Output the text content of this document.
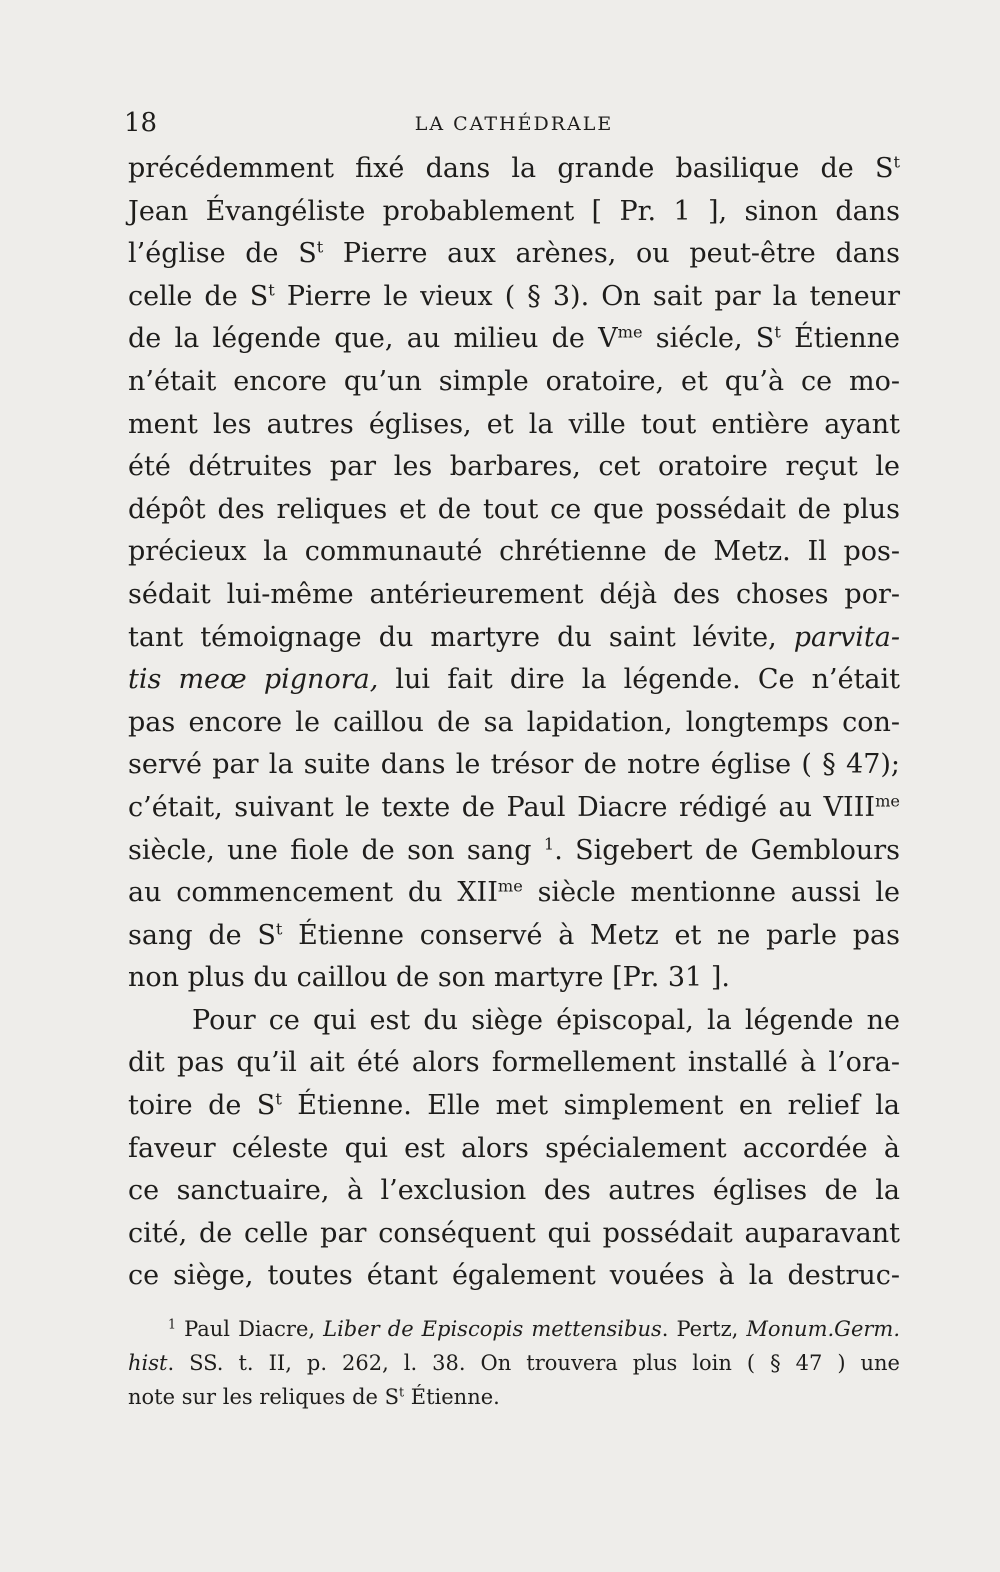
18	LA CATHÉDRALE
précédemment fixé dans la grande basilique de $S^t$
Jean Évangéliste probablement [ Pr. 1 ], sinon dans
l’église de $S^t$ Pierre aux arènes, ou peut-être dans
celle de $S^t$ Pierre le vieux ( § 3). On sait par la teneur
de la légende que, au milieu de $V^{me}$ siécle, $S^t$ Étienne
n’était encore qu’un simple oratoire, et qu’à ce mo-
ment les autres églises, et la ville tout entière ayant
été détruites par les barbares, cet oratoire reçut le
dépôt des reliques et de tout ce que possédait de plus
précieux la communauté chrétienne de Metz. Il pos-
sédait lui-même antérieurement déjà des choses por-
tant témoignage du martyre du saint lévite, parvita-
tis meœ pignora, lui fait dire la légende. Ce n’était
pas encore le caillou de sa lapidation, longtemps con-
servé par la suite dans le trésor de notre église ( § 47);
c’était, suivant le texte de Paul Diacre rédigé au $VIII^{me}$
siècle, une fiole de son sang $^1$. Sigebert de Gemblours
au commencement du $XII^{me}$ siècle mentionne aussi le
sang de $S^t$ Étienne conservé à Metz et ne parle pas
non plus du caillou de son martyre [Pr. 31 ].
Pour ce qui est du siège épiscopal, la légende ne
dit pas qu’il ait été alors formellement installé à l’ora-
toire de $S^t$ Étienne. Elle met simplement en relief la
faveur céleste qui est alors spécialement accordée à
ce sanctuaire, à l’exclusion des autres églises de la
cité, de celle par conséquent qui possédait auparavant
ce siège, toutes étant également vouées à la destruc-
$^1$ Paul Diacre, Liber de Episcopis mettensibus. Pertz, Monum.Germ.
hist. SS. t. II, p. 262, l. 38. On trouvera plus loin ( § 47 ) une
note sur les reliques de $S^t$ Étienne.
